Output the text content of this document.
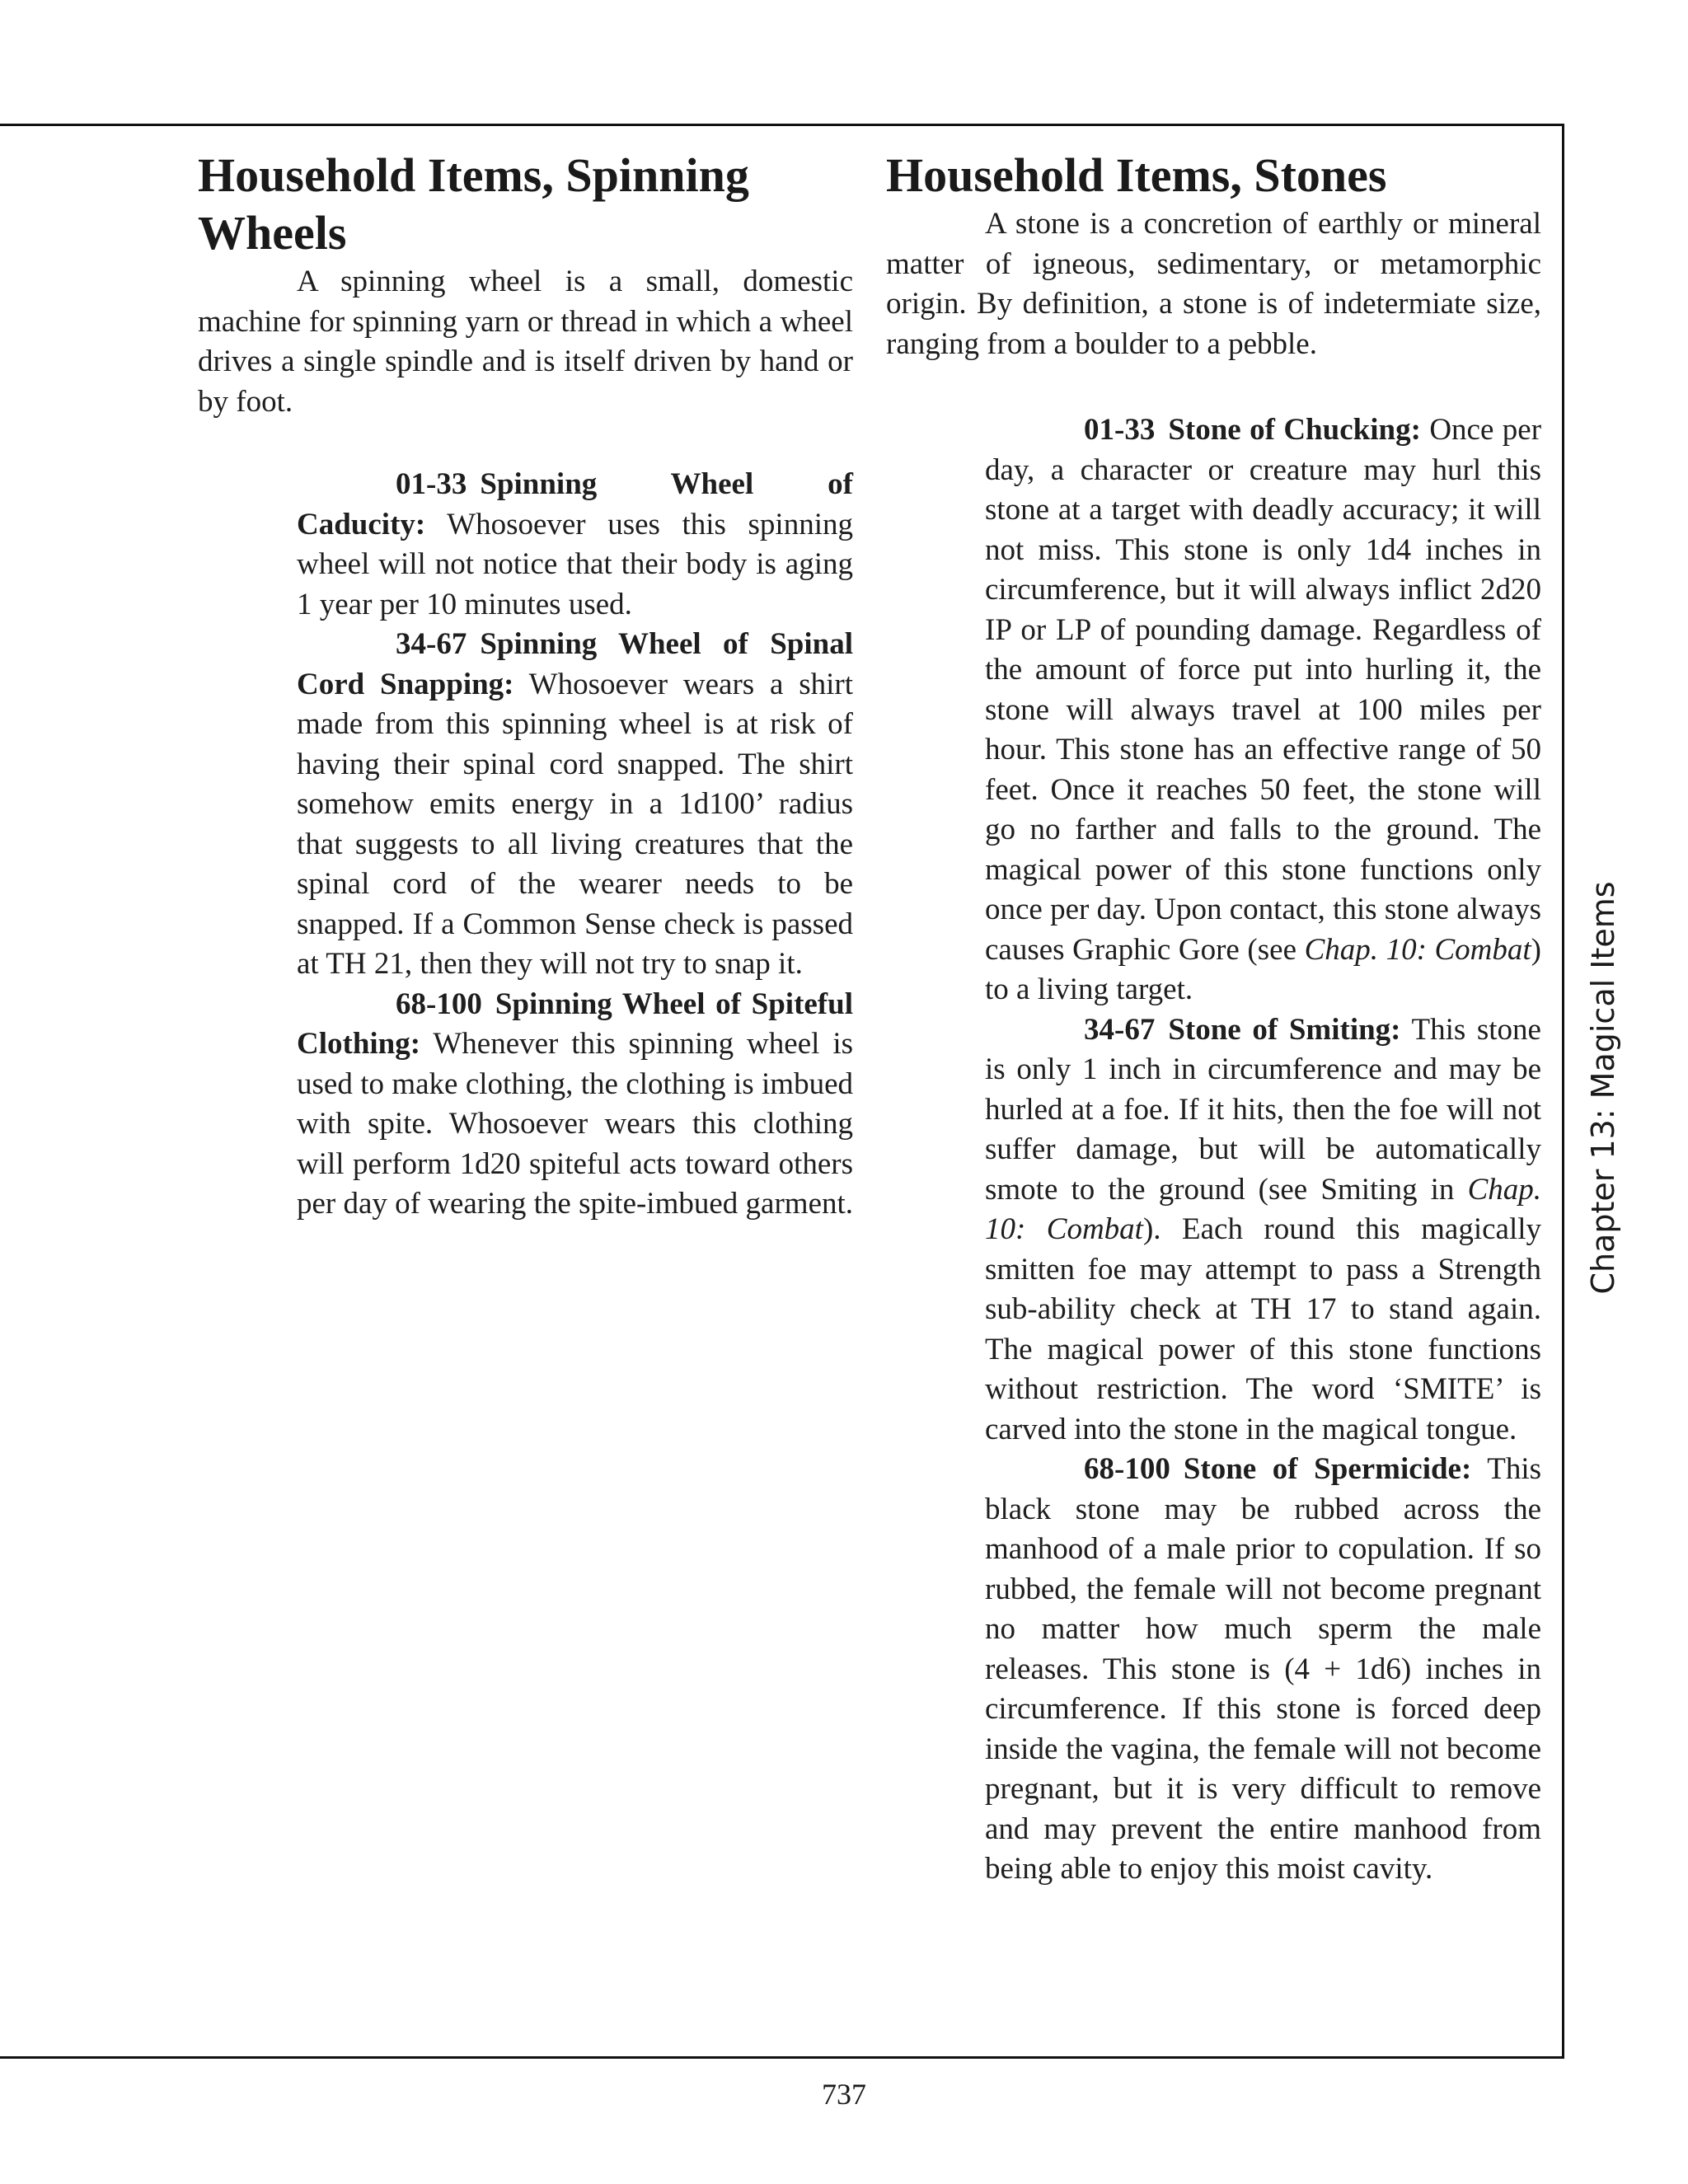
Household Items, Spinning Wheels

A spinning wheel is a small, domestic machine for spinning yarn or thread in which a wheel drives a single spindle and is itself driven by hand or by foot.

01-33 Spinning Wheel of Caducity: Whosoever uses this spinning wheel will not notice that their body is aging 1 year per 10 minutes used.

34-67 Spinning Wheel of Spinal Cord Snapping: Whosoever wears a shirt made from this spinning wheel is at risk of having their spinal cord snapped. The shirt somehow emits energy in a 1d100’ radius that suggests to all living creatures that the spinal cord of the wearer needs to be snapped. If a Common Sense check is passed at TH 21, then they will not try to snap it.

68-100 Spinning Wheel of Spiteful Clothing: Whenever this spinning wheel is used to make clothing, the clothing is imbued with spite. Whosoever wears this clothing will perform 1d20 spiteful acts toward others per day of wearing the spite-imbued garment.

Household Items, Stones

A stone is a concretion of earthly or mineral matter of igneous, sedimentary, or metamorphic origin. By definition, a stone is of indetermiate size, ranging from a boulder to a pebble.

01-33 Stone of Chucking: Once per day, a character or creature may hurl this stone at a target with deadly accuracy; it will not miss. This stone is only 1d4 inches in circumference, but it will always inflict 2d20 IP or LP of pounding damage. Regardless of the amount of force put into hurling it, the stone will always travel at 100 miles per hour. This stone has an effective range of 50 feet. Once it reaches 50 feet, the stone will go no farther and falls to the ground. The magical power of this stone functions only once per day. Upon contact, this stone always causes Graphic Gore (see Chap. 10: Combat) to a living target.

34-67 Stone of Smiting: This stone is only 1 inch in circumference and may be hurled at a foe. If it hits, then the foe will not suffer damage, but will be automatically smote to the ground (see Smiting in Chap. 10: Combat). Each round this magically smitten foe may attempt to pass a Strength sub-ability check at TH 17 to stand again. The magical power of this stone functions without restriction. The word ‘SMITE’ is carved into the stone in the magical tongue.

68-100 Stone of Spermicide: This black stone may be rubbed across the manhood of a male prior to copulation. If so rubbed, the female will not become pregnant no matter how much sperm the male releases. This stone is (4 + 1d6) inches in circumference. If this stone is forced deep inside the vagina, the female will not become pregnant, but it is very difficult to remove and may prevent the entire manhood from being able to enjoy this moist cavity.

Chapter 13: Magical Items
737
